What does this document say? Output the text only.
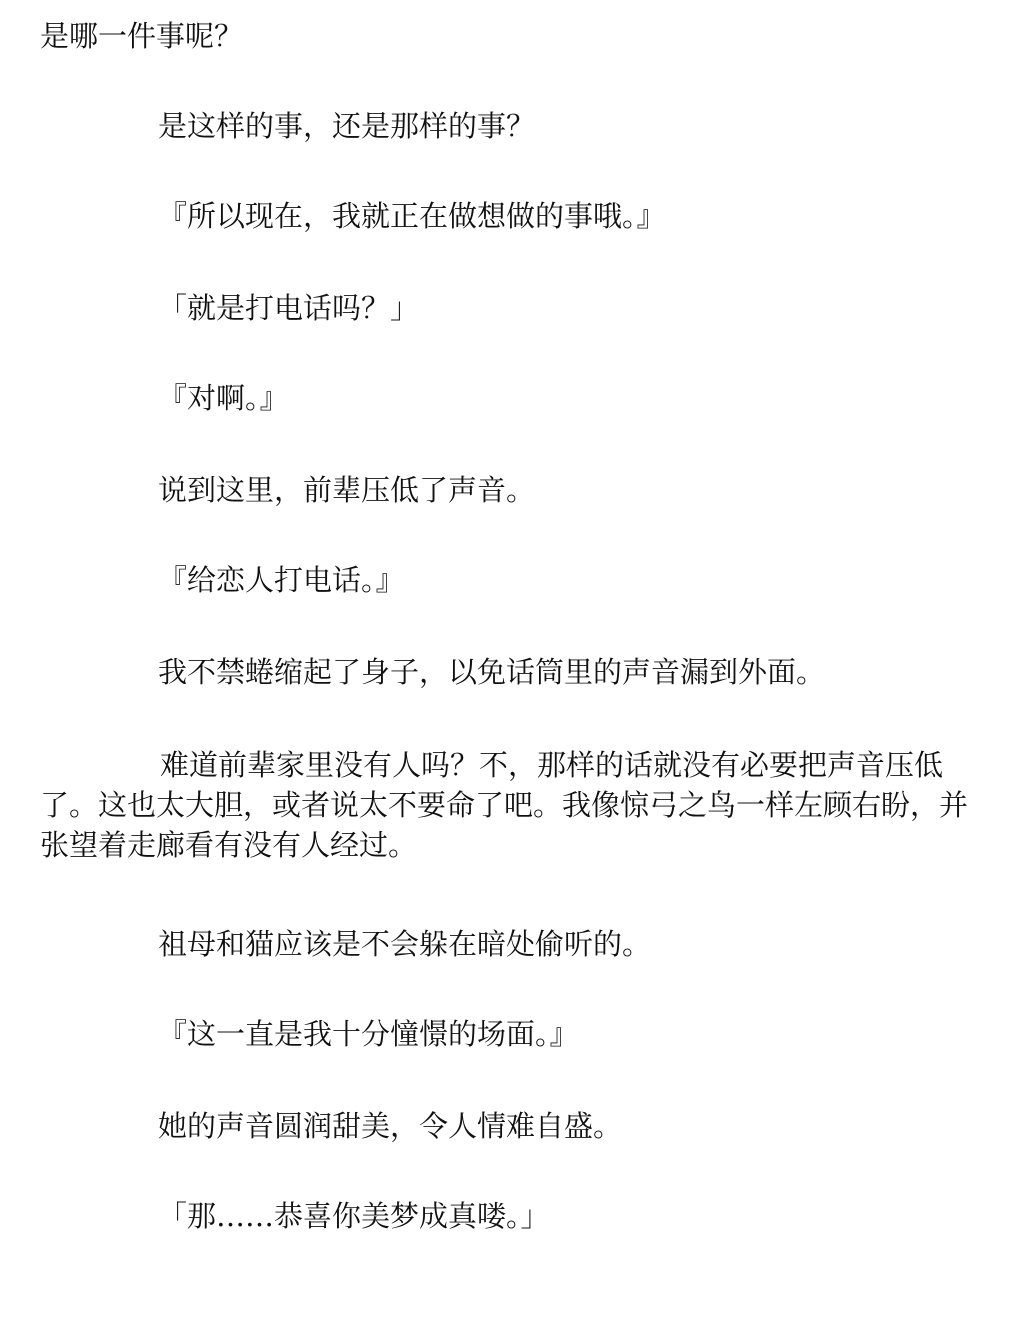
是哪一件事呢？

是这样的事，还是那样的事？

『所以现在，我就正在做想做的事哦。』

「就是打电话吗？」

『对啊。』

说到这里，前辈压低了声音。

『给恋人打电话。』

我不禁蜷缩起了身子，以免话筒里的声音漏到外面。

难道前辈家里没有人吗？不，那样的话就没有必要把声音压低了。这也太大胆，或者说太不要命了吧。我像惊弓之鸟一样左顾右盼，并张望着走廊看有没有人经过。

祖母和猫应该是不会躲在暗处偷听的。

『这一直是我十分憧憬的场面。』

她的声音圆润甜美，令人情难自盛。

「那……恭喜你美梦成真喽。」
